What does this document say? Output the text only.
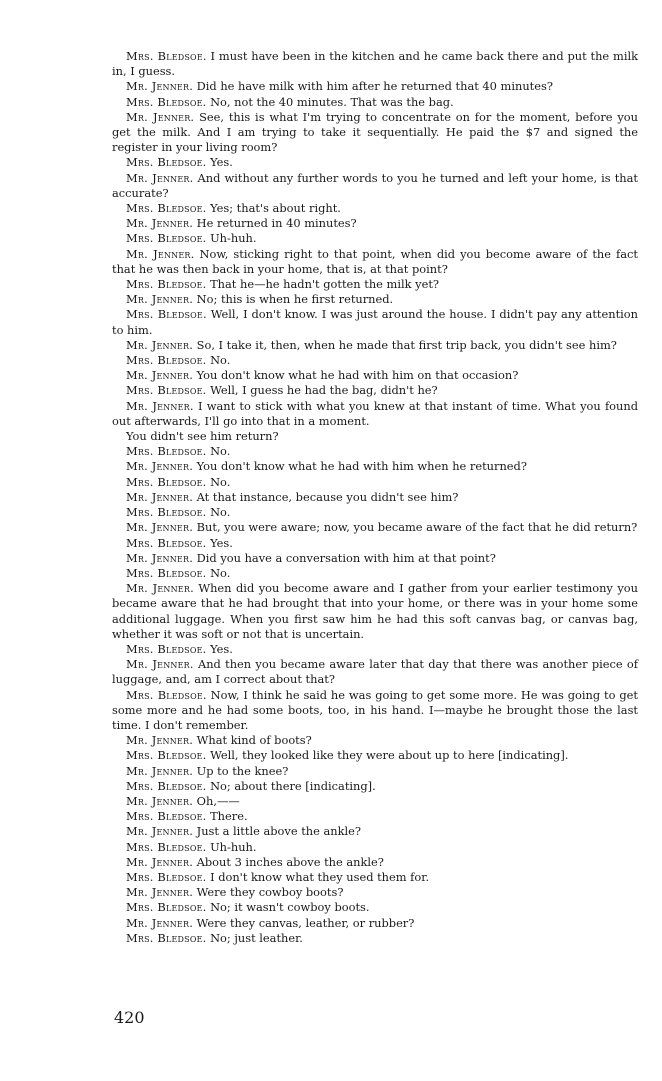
Mrs. Bledsoe. I must have been in the kitchen and he came back there and put the milk in, I guess.

Mr. Jenner. Did he have milk with him after he returned that 40 minutes?

Mrs. Bledsoe. No, not the 40 minutes. That was the bag.

Mr. Jenner. See, this is what I'm trying to concentrate on for the moment, before you get the milk. And I am trying to take it sequentially. He paid the $7 and signed the register in your living room?

Mrs. Bledsoe. Yes.

Mr. Jenner. And without any further words to you he turned and left your home, is that accurate?

Mrs. Bledsoe. Yes; that's about right.

Mr. Jenner. He returned in 40 minutes?

Mrs. Bledsoe. Uh-huh.

Mr. Jenner. Now, sticking right to that point, when did you become aware of the fact that he was then back in your home, that is, at that point?

Mrs. Bledsoe. That he—he hadn't gotten the milk yet?

Mr. Jenner. No; this is when he first returned.

Mrs. Bledsoe. Well, I don't know. I was just around the house. I didn't pay any attention to him.

Mr. Jenner. So, I take it, then, when he made that first trip back, you didn't see him?

Mrs. Bledsoe. No.

Mr. Jenner. You don't know what he had with him on that occasion?

Mrs. Bledsoe. Well, I guess he had the bag, didn't he?

Mr. Jenner. I want to stick with what you knew at that instant of time. What you found out afterwards, I'll go into that in a moment.

You didn't see him return?

Mrs. Bledsoe. No.

Mr. Jenner. You don't know what he had with him when he returned?

Mrs. Bledsoe. No.

Mr. Jenner. At that instance, because you didn't see him?

Mrs. Bledsoe. No.

Mr. Jenner. But, you were aware; now, you became aware of the fact that he did return?

Mrs. Bledsoe. Yes.

Mr. Jenner. Did you have a conversation with him at that point?

Mrs. Bledsoe. No.

Mr. Jenner. When did you become aware and I gather from your earlier testimony you became aware that he had brought that into your home, or there was in your home some additional luggage. When you first saw him he had this soft canvas bag, or canvas bag, whether it was soft or not that is uncertain.

Mrs. Bledsoe. Yes.

Mr. Jenner. And then you became aware later that day that there was another piece of luggage, and, am I correct about that?

Mrs. Bledsoe. Now, I think he said he was going to get some more. He was going to get some more and he had some boots, too, in his hand. I—maybe he brought those the last time. I don't remember.

Mr. Jenner. What kind of boots?

Mrs. Bledsoe. Well, they looked like they were about up to here [indicating].

Mr. Jenner. Up to the knee?

Mrs. Bledsoe. No; about there [indicating].

Mr. Jenner. Oh,——

Mrs. Bledsoe. There.

Mr. Jenner. Just a little above the ankle?

Mrs. Bledsoe. Uh-huh.

Mr. Jenner. About 3 inches above the ankle?

Mrs. Bledsoe. I don't know what they used them for.

Mr. Jenner. Were they cowboy boots?

Mrs. Bledsoe. No; it wasn't cowboy boots.

Mr. Jenner. Were they canvas, leather, or rubber?

Mrs. Bledsoe. No; just leather.

420
